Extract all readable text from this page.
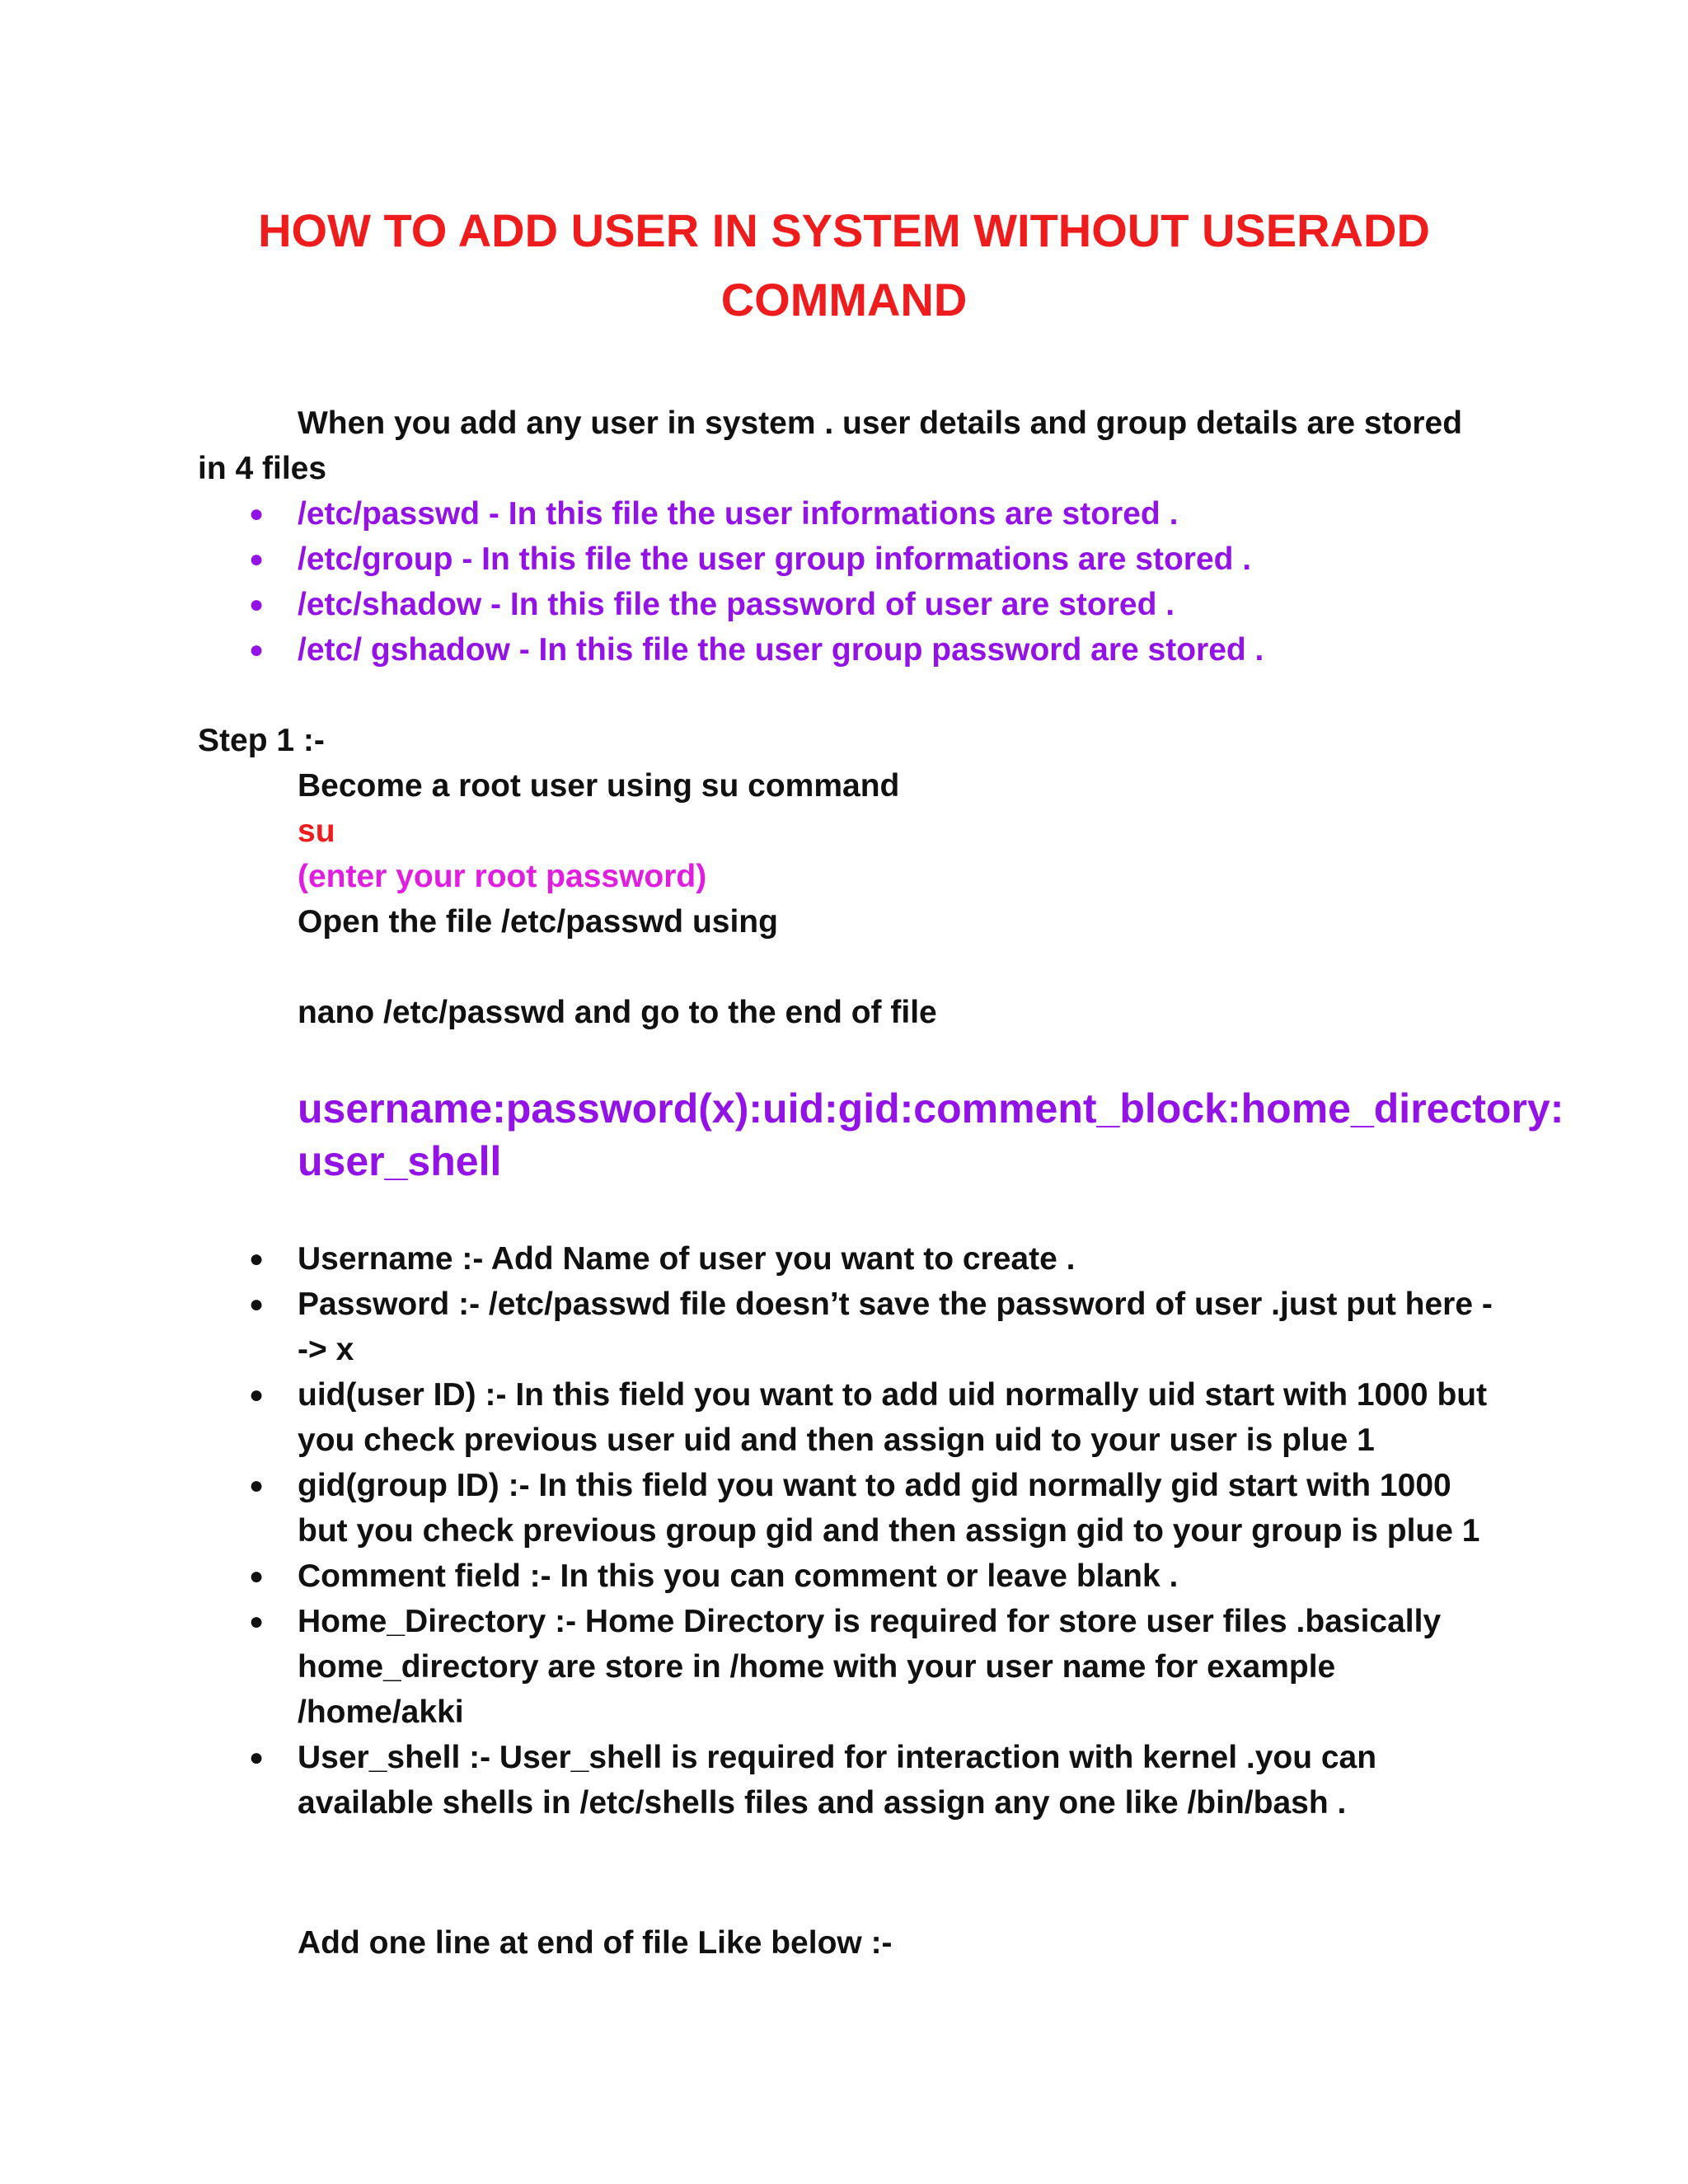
HOW TO ADD USER IN SYSTEM WITHOUT USERADD COMMAND

When you add any user in system . user details and group details are stored in 4 files

● /etc/passwd - In this file the user informations are stored .
● /etc/group - In this file the user group informations are stored .
● /etc/shadow - In this file the password of user are stored .
● /etc/ gshadow - In this file the user group password are stored .

Step 1 :-

Become a root user using su command

su

(enter your root password)

Open the file /etc/passwd using

nano /etc/passwd and go to the end of file

username:password(x):uid:gid:comment_block:home_directory:
user_shell
● Username :- Add Name of user you want to create .
● Password :- /etc/passwd file doesn’t save the password of user .just put here --> x
● uid(user ID) :- In this field you want to add uid normally uid start with 1000 but you check previous user uid and then assign uid to your user is plue 1
● gid(group ID) :- In this field you want to add gid normally gid start with 1000 but you check previous group gid and then assign gid to your group is plue 1
● Comment field :- In this you can comment or leave blank .
● Home_Directory :- Home Directory is required for store user files .basically home_directory are store in /home with your user name for example /home/akki
● User_shell :- User_shell is required for interaction with kernel .you can available shells in /etc/shells files and assign any one like /bin/bash .

Add one line at end of file Like below :-
